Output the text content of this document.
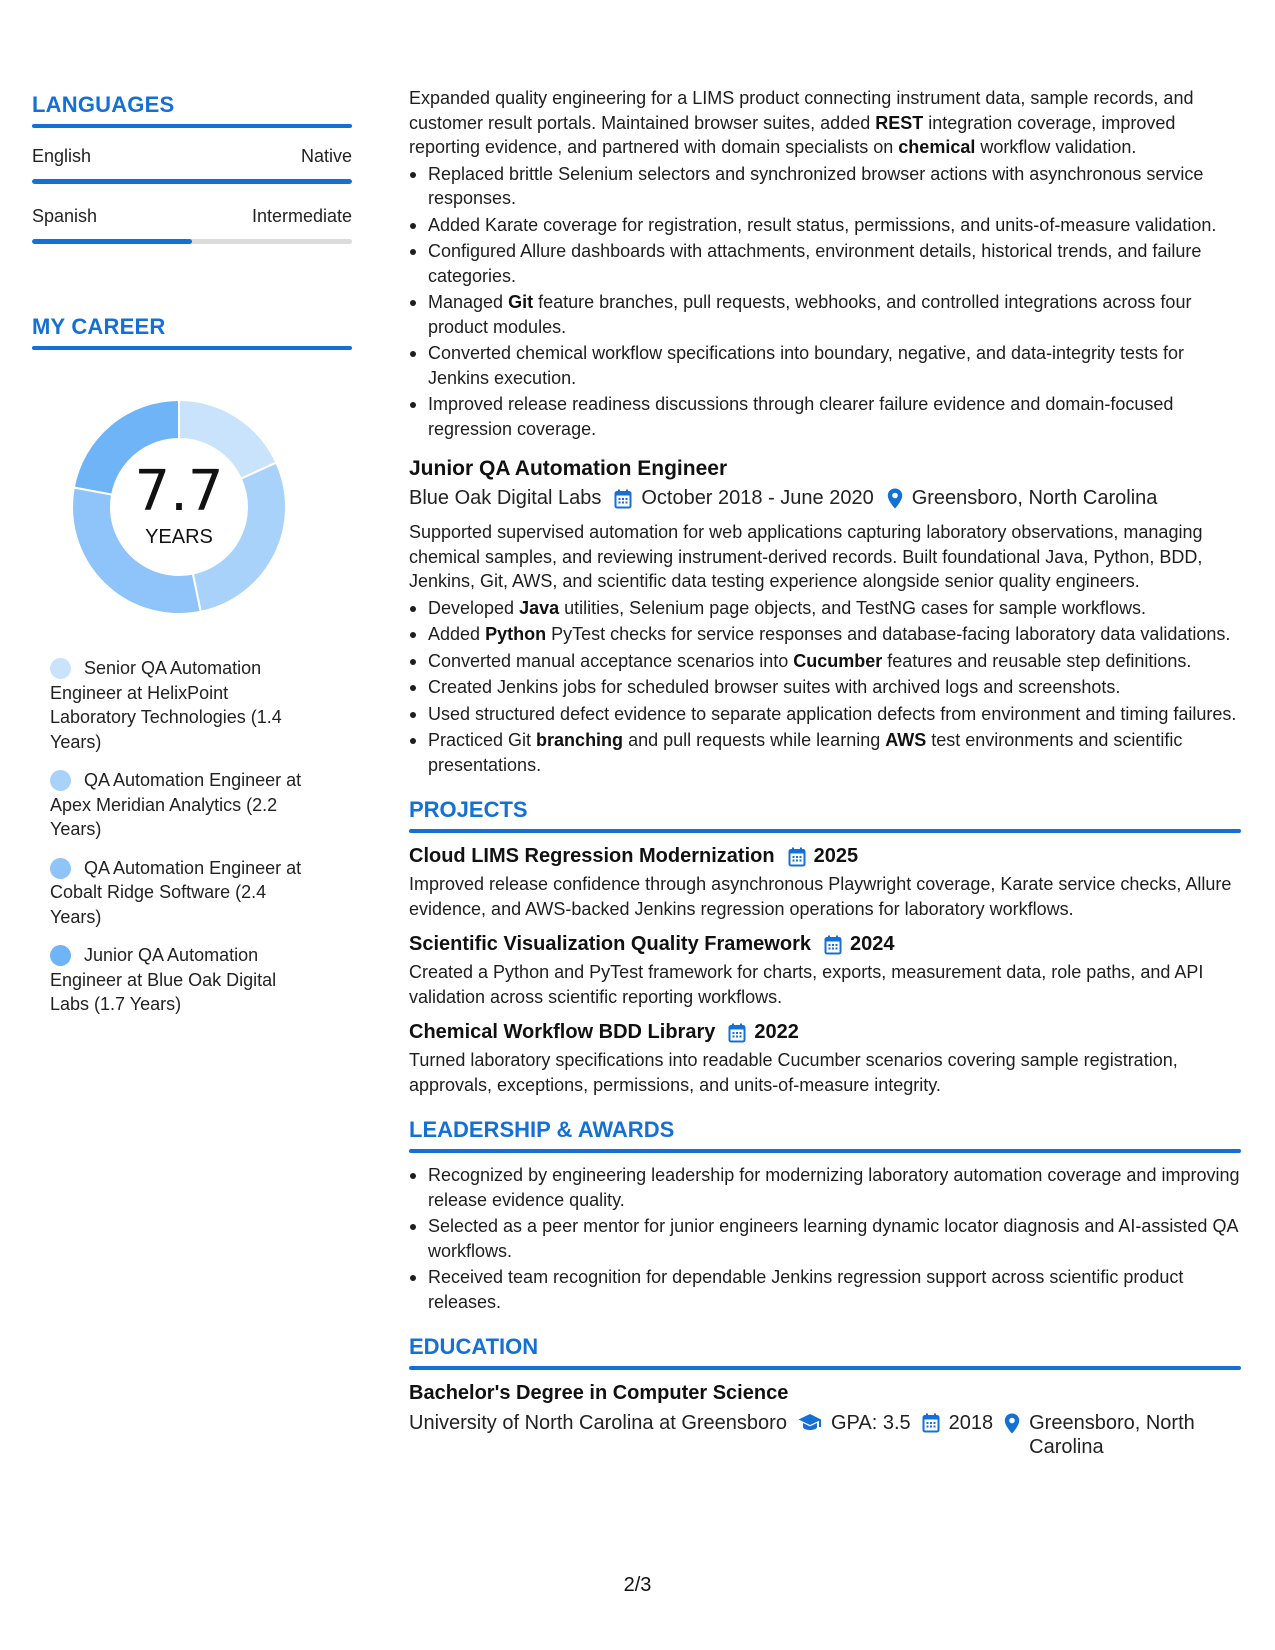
LANGUAGES
English	Native
Spanish	Intermediate
MY CAREER
7.7
YEARS
Senior QA Automation Engineer at HelixPoint Laboratory Technologies (1.4 Years)
QA Automation Engineer at Apex Meridian Analytics (2.2 Years)
QA Automation Engineer at Cobalt Ridge Software (2.4 Years)
Junior QA Automation Engineer at Blue Oak Digital Labs (1.7 Years)
Expanded quality engineering for a LIMS product connecting instrument data, sample records, and customer result portals. Maintained browser suites, added REST integration coverage, improved reporting evidence, and partnered with domain specialists on chemical workflow validation.
Replaced brittle Selenium selectors and synchronized browser actions with asynchronous service responses.
Added Karate coverage for registration, result status, permissions, and units-of-measure validation.
Configured Allure dashboards with attachments, environment details, historical trends, and failure categories.
Managed Git feature branches, pull requests, webhooks, and controlled integrations across four product modules.
Converted chemical workflow specifications into boundary, negative, and data-integrity tests for Jenkins execution.
Improved release readiness discussions through clearer failure evidence and domain-focused regression coverage.
Junior QA Automation Engineer
Blue Oak Digital Labs October 2018 - June 2020 Greensboro, North Carolina
Supported supervised automation for web applications capturing laboratory observations, managing chemical samples, and reviewing instrument-derived records. Built foundational Java, Python, BDD, Jenkins, Git, AWS, and scientific data testing experience alongside senior quality engineers.
Developed Java utilities, Selenium page objects, and TestNG cases for sample workflows.
Added Python PyTest checks for service responses and database-facing laboratory data validations.
Converted manual acceptance scenarios into Cucumber features and reusable step definitions.
Created Jenkins jobs for scheduled browser suites with archived logs and screenshots.
Used structured defect evidence to separate application defects from environment and timing failures.
Practiced Git branching and pull requests while learning AWS test environments and scientific presentations.
PROJECTS
Cloud LIMS Regression Modernization 2025
Improved release confidence through asynchronous Playwright coverage, Karate service checks, Allure evidence, and AWS-backed Jenkins regression operations for laboratory workflows.
Scientific Visualization Quality Framework 2024
Created a Python and PyTest framework for charts, exports, measurement data, role paths, and API validation across scientific reporting workflows.
Chemical Workflow BDD Library 2022
Turned laboratory specifications into readable Cucumber scenarios covering sample registration, approvals, exceptions, permissions, and units-of-measure integrity.
LEADERSHIP & AWARDS
Recognized by engineering leadership for modernizing laboratory automation coverage and improving release evidence quality.
Selected as a peer mentor for junior engineers learning dynamic locator diagnosis and AI-assisted QA workflows.
Received team recognition for dependable Jenkins regression support across scientific product releases.
EDUCATION
Bachelor's Degree in Computer Science
University of North Carolina at Greensboro GPA: 3.5 2018 Greensboro, North Carolina
2/3
